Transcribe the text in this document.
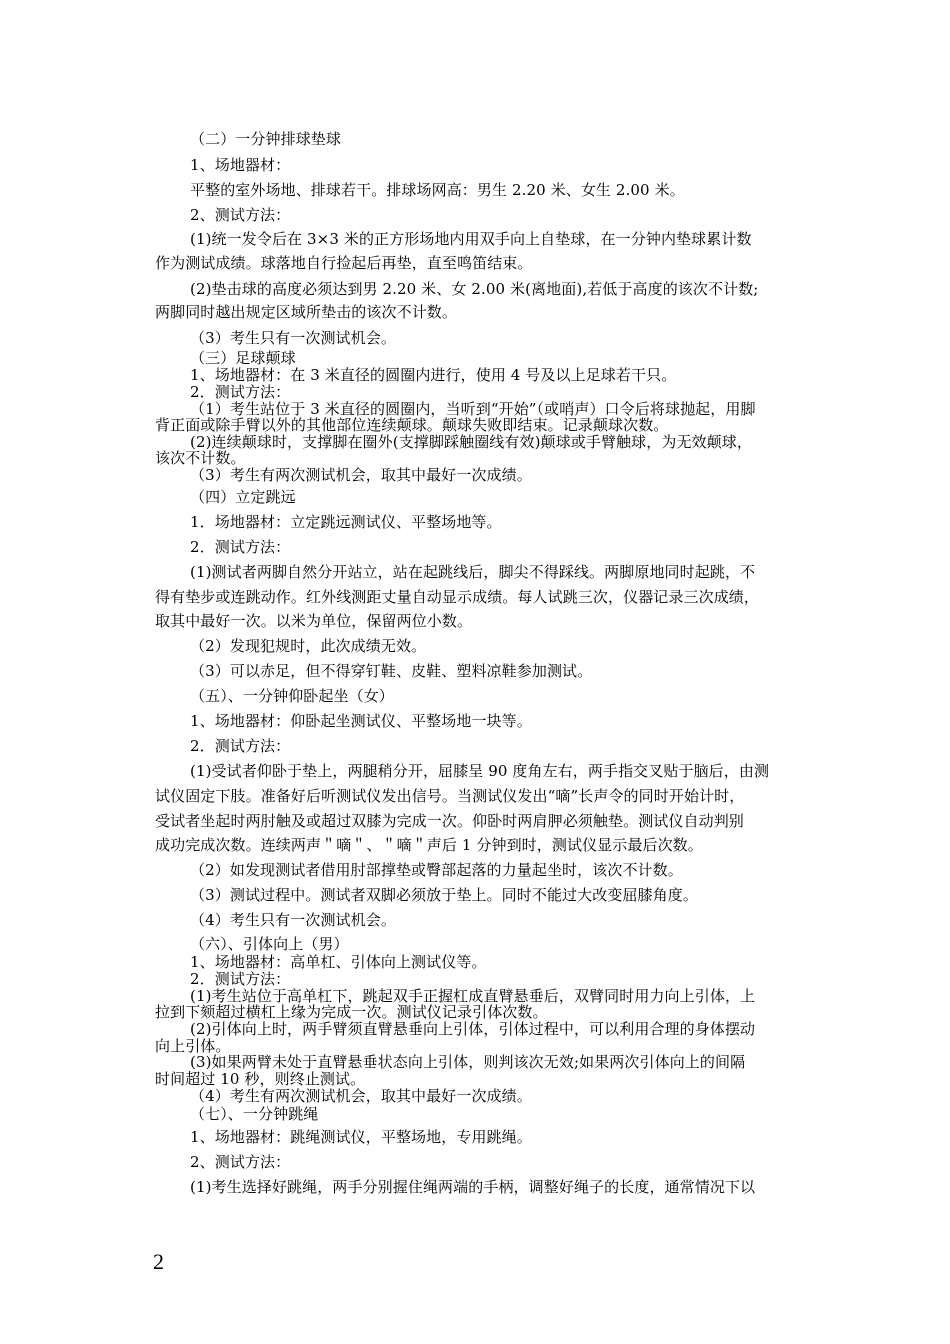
（二）一分钟排球垫球
1、场地器材：
平整的室外场地、排球若干。排球场网高：男生 2.20 米、女生 2.00 米。
2、测试方法：
(1)统一发令后在 3×3 米的正方形场地内用双手向上自垫球，在一分钟内垫球累计数
作为测试成绩。球落地自行捡起后再垫，直至鸣笛结束。
(2)垫击球的高度必须达到男 2.20 米、女 2.00 米(离地面),若低于高度的该次不计数;
两脚同时越出规定区域所垫击的该次不计数。
（3）考生只有一次测试机会。
（三）足球颠球
1、场地器材：在 3 米直径的圆圈内进行，使用 4 号及以上足球若干只。
2．测试方法：
（1）考生站位于 3 米直径的圆圈内，当听到“开始”（或哨声）口令后将球抛起，用脚
背正面或除手臂以外的其他部位连续颠球。颠球失败即结束。记录颠球次数。
(2)连续颠球时，支撑脚在圈外(支撑脚踩触圈线有效)颠球或手臂触球，为无效颠球，
该次不计数。
（3）考生有两次测试机会，取其中最好一次成绩。
（四）立定跳远
1．场地器材：立定跳远测试仪、平整场地等。
2．测试方法：
(1)测试者两脚自然分开站立，站在起跳线后，脚尖不得踩线。两脚原地同时起跳，不
得有垫步或连跳动作。红外线测距丈量自动显示成绩。每人试跳三次，仪器记录三次成绩，
取其中最好一次。以米为单位，保留两位小数。
（2）发现犯规时，此次成绩无效。
（3）可以赤足，但不得穿钉鞋、皮鞋、塑料凉鞋参加测试。
（五）、一分钟仰卧起坐（女）
1、场地器材：仰卧起坐测试仪、平整场地一块等。
2．测试方法：
(1)受试者仰卧于垫上，两腿稍分开，屈膝呈 90 度角左右，两手指交叉贴于脑后，由测
试仪固定下肢。准备好后听测试仪发出信号。当测试仪发出“嘀”长声令的同时开始计时，
受试者坐起时两肘触及或超过双膝为完成一次。仰卧时两肩胛必须触垫。测试仪自动判别
成功完成次数。连续两声＂嘀＂、＂嘀＂声后 1 分钟到时，测试仪显示最后次数。
（2）如发现测试者借用肘部撑垫或臀部起落的力量起坐时，该次不计数。
（3）测试过程中。测试者双脚必须放于垫上。同时不能过大改变屈膝角度。
（4）考生只有一次测试机会。
（六）、引体向上（男）
1、场地器材：高单杠、引体向上测试仪等。
2．测试方法：
(1)考生站位于高单杠下，跳起双手正握杠成直臂悬垂后，双臂同时用力向上引体，上
拉到下颏超过横杠上缘为完成一次。测试仪记录引体次数。
(2)引体向上时，两手臂须直臂悬垂向上引体，引体过程中，可以利用合理的身体摆动
向上引体。
(3)如果两臂未处于直臂悬垂状态向上引体，则判该次无效;如果两次引体向上的间隔
时间超过 10 秒，则终止测试。
（4）考生有两次测试机会，取其中最好一次成绩。
（七）、一分钟跳绳
1、场地器材：跳绳测试仪，平整场地，专用跳绳。
2、测试方法：
(1)考生选择好跳绳，两手分别握住绳两端的手柄，调整好绳子的长度，通常情况下以
2
